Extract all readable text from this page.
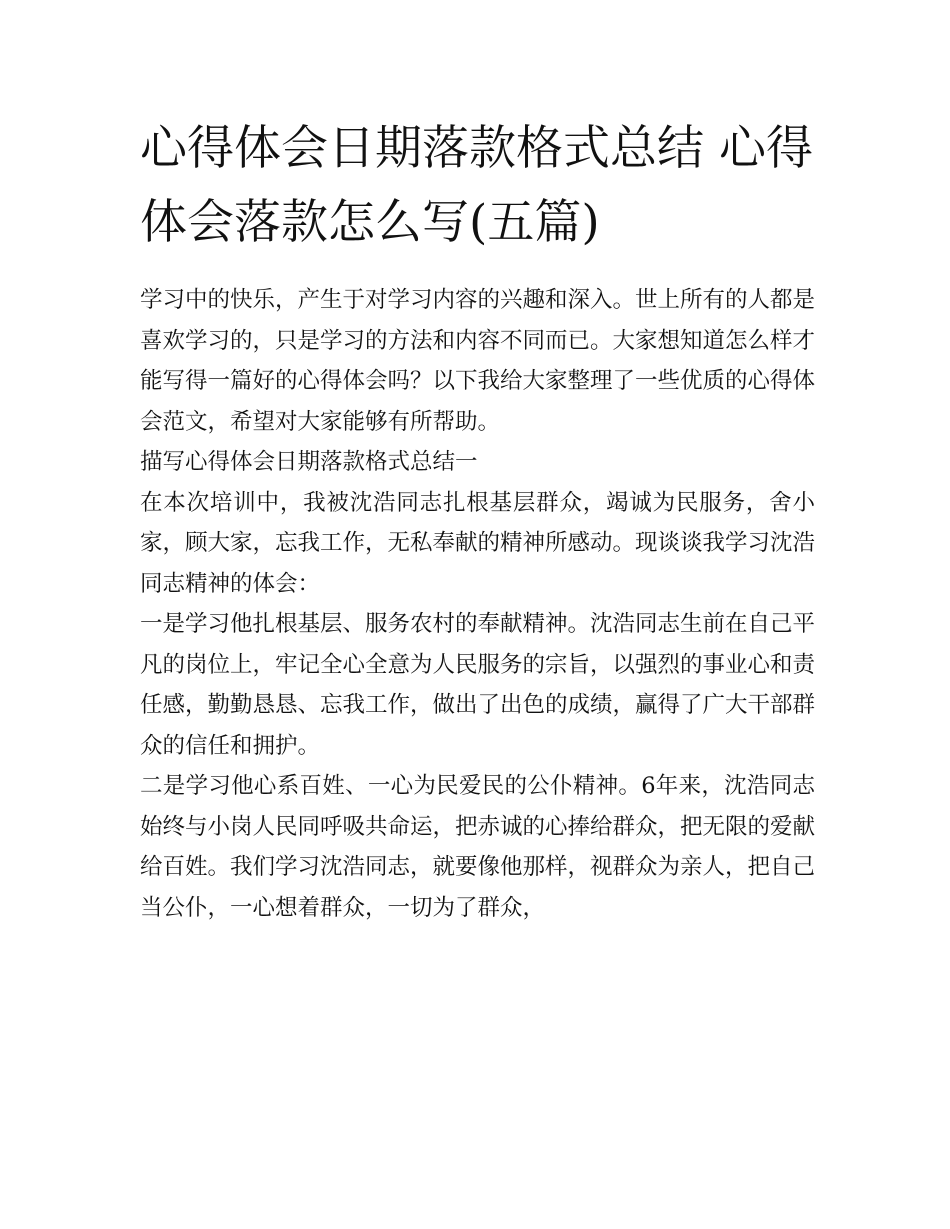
心得体会日期落款格式总结 心得体会落款怎么写(五篇)

学习中的快乐，产生于对学习内容的兴趣和深入。世上所有的人都是喜欢学习的，只是学习的方法和内容不同而已。大家想知道怎么样才能写得一篇好的心得体会吗？以下我给大家整理了一些优质的心得体会范文，希望对大家能够有所帮助。

描写心得体会日期落款格式总结一

在本次培训中，我被沈浩同志扎根基层群众，竭诚为民服务，舍小家，顾大家，忘我工作，无私奉献的精神所感动。现谈谈我学习沈浩同志精神的体会：

一是学习他扎根基层、服务农村的奉献精神。沈浩同志生前在自己平凡的岗位上，牢记全心全意为人民服务的宗旨，以强烈的事业心和责任感，勤勤恳恳、忘我工作，做出了出色的成绩，赢得了广大干部群众的信任和拥护。

二是学习他心系百姓、一心为民爱民的公仆精神。6年来，沈浩同志始终与小岗人民同呼吸共命运，把赤诚的心捧给群众，把无限的爱献给百姓。我们学习沈浩同志，就要像他那样，视群众为亲人，把自己当公仆，一心想着群众，一切为了群众，
